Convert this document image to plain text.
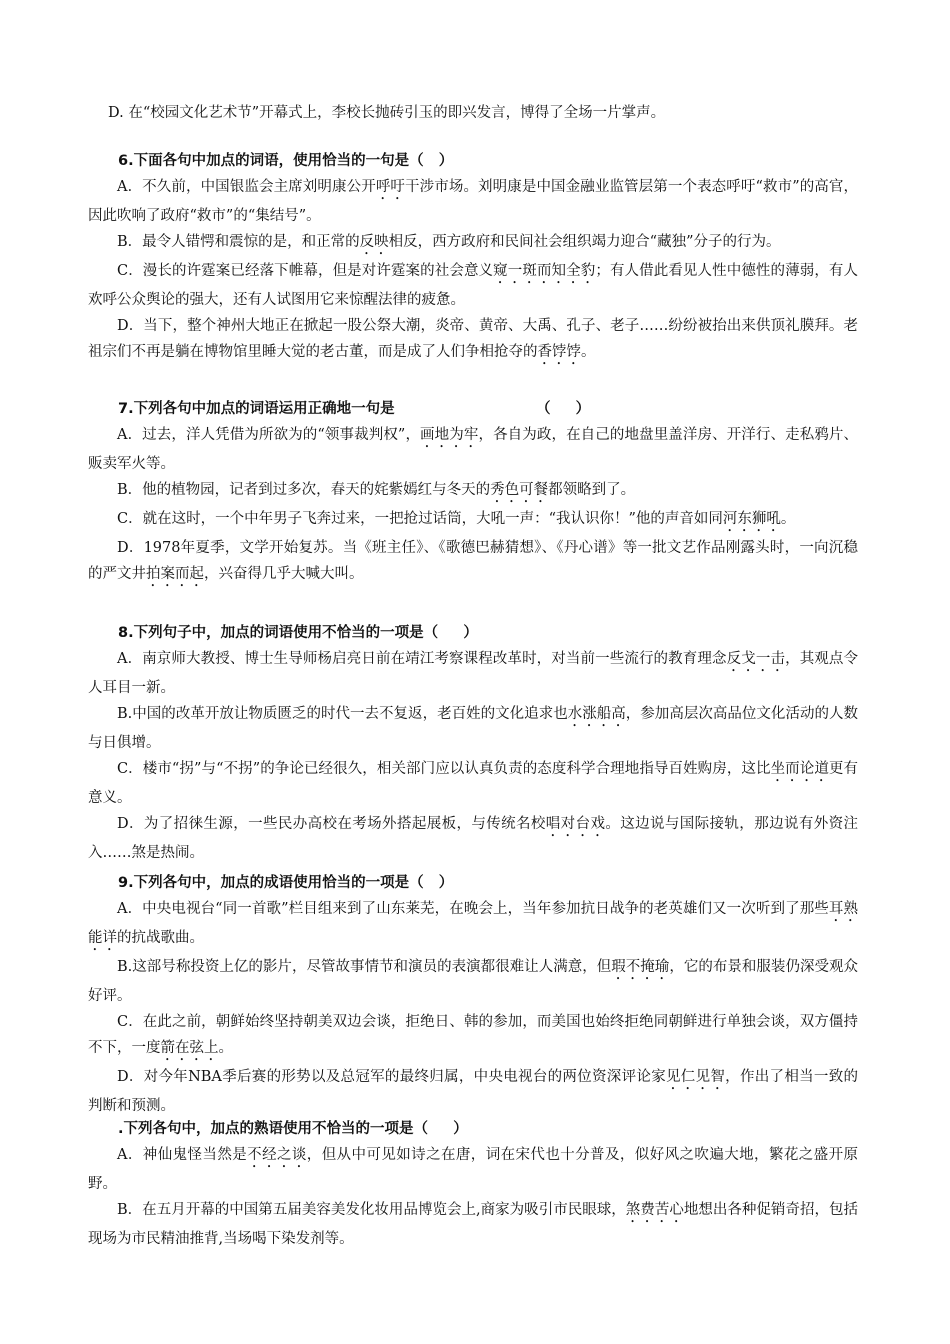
D. 在“校园文化艺术节”开幕式上，李校长抛砖引玉的即兴发言，博得了全场一片掌声。

6.下面各句中加点的词语，使用恰当的一句是（   ）

A．不久前，中国银监会主席刘明康公开呼吁干涉市场。刘明康是中国金融业监管层第一个表态呼吁“救市”的高官，因此吹响了政府“救市”的“集结号”。

B．最令人错愕和震惊的是，和正常的反映相反，西方政府和民间社会组织竭力迎合“藏独”分子的行为。

C．漫长的许霆案已经落下帷幕，但是对许霆案的社会意义窥一斑而知全豹；有人借此看见人性中德性的薄弱，有人欢呼公众舆论的强大，还有人试图用它来惊醒法律的疲惫。

D．当下，整个神州大地正在掀起一股公祭大潮，炎帝、黄帝、大禹、孔子、老子……纷纷被抬出来供顶礼膜拜。老祖宗们不再是躺在博物馆里睡大觉的老古董，而是成了人们争相抢夺的香饽饽。

7.下列各句中加点的词语运用正确地一句是                            （     ）

A．过去，洋人凭借为所欲为的“领事裁判权”，画地为牢，各自为政，在自己的地盘里盖洋房、开洋行、走私鸦片、贩卖军火等。

B．他的植物园，记者到过多次，春天的姹紫嫣红与冬天的秀色可餐都领略到了。

C．就在这时，一个中年男子飞奔过来，一把抢过话筒，大吼一声：“我认识你！”他的声音如同河东狮吼。

D．1978年夏季，文学开始复苏。当《班主任》、《歌德巴赫猜想》、《丹心谱》等一批文艺作品刚露头时，一向沉稳的严文井拍案而起，兴奋得几乎大喊大叫。

8.下列句子中，加点的词语使用不恰当的一项是（     ）

A．南京师大教授、博士生导师杨启亮日前在靖江考察课程改革时，对当前一些流行的教育理念反戈一击，其观点令人耳目一新。

B.中国的改革开放让物质匮乏的时代一去不复返，老百姓的文化追求也水涨船高，参加高层次高品位文化活动的人数与日俱增。

C．楼市“拐”与“不拐”的争论已经很久，相关部门应以认真负责的态度科学合理地指导百姓购房，这比坐而论道更有意义。

D．为了招徕生源，一些民办高校在考场外搭起展板，与传统名校唱对台戏。这边说与国际接轨，那边说有外资注入……煞是热闹。

9.下列各句中，加点的成语使用恰当的一项是（   ）

A．中央电视台“同一首歌”栏目组来到了山东莱芜，在晚会上，当年参加抗日战争的老英雄们又一次听到了那些耳熟能详的抗战歌曲。

B.这部号称投资上亿的影片，尽管故事情节和演员的表演都很难让人满意，但瑕不掩瑜，它的布景和服装仍深受观众好评。

C．在此之前，朝鲜始终坚持朝美双边会谈，拒绝日、韩的参加，而美国也始终拒绝同朝鲜进行单独会谈，双方僵持不下，一度箭在弦上。

D．对今年NBA季后赛的形势以及总冠军的最终归属，中央电视台的两位资深评论家见仁见智，作出了相当一致的判断和预测。

.下列各句中，加点的熟语使用不恰当的一项是（     ）

A．神仙鬼怪当然是不经之谈，但从中可见如诗之在唐，词在宋代也十分普及，似好风之吹遍大地，繁花之盛开原野。

B．在五月开幕的中国第五届美容美发化妆用品博览会上,商家为吸引市民眼球，煞费苦心地想出各种促销奇招，包括现场为市民精油推背,当场喝下染发剂等。
